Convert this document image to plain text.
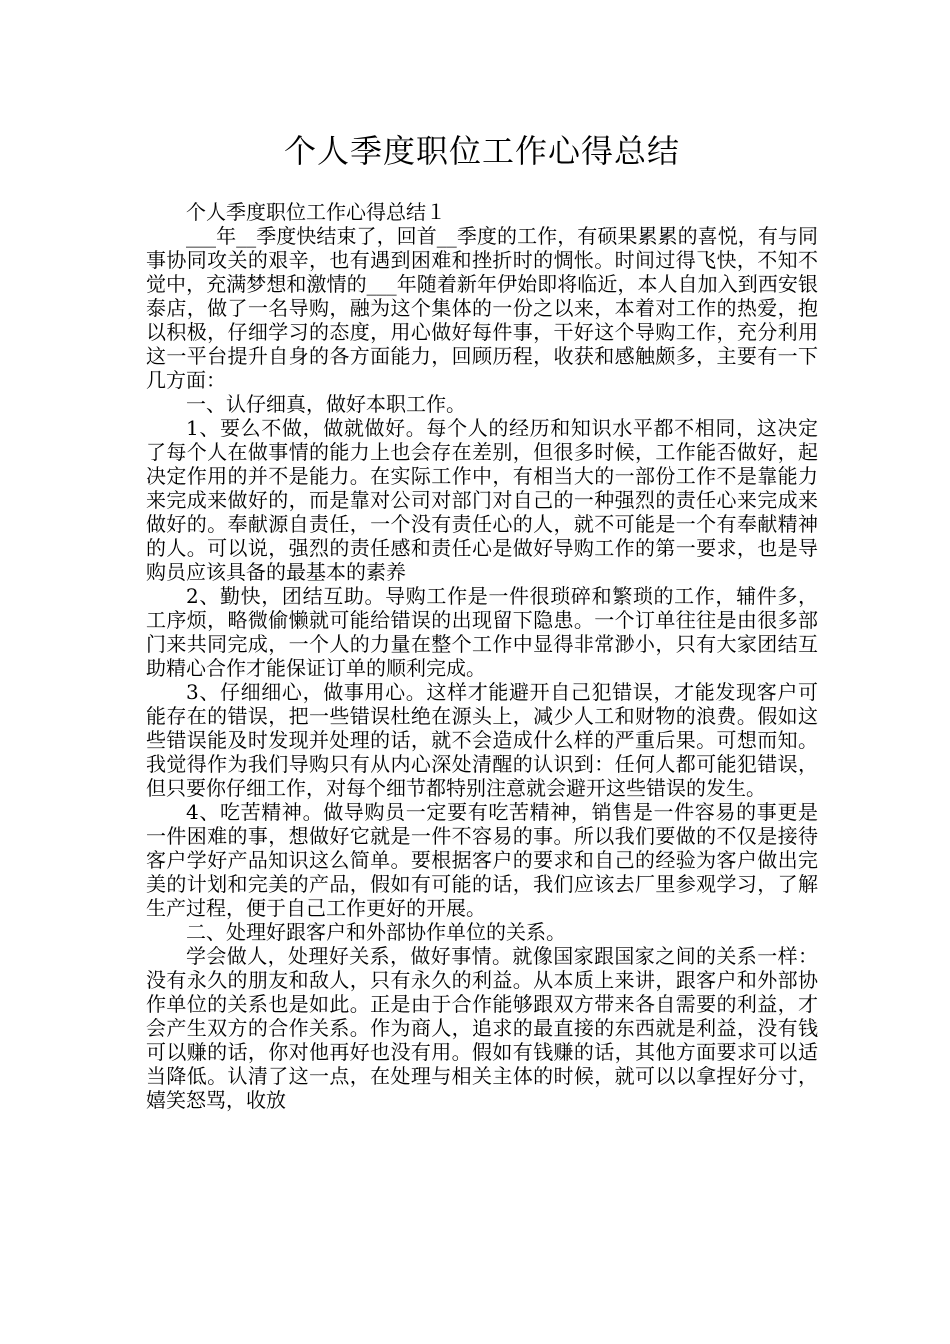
个人季度职位工作心得总结

个人季度职位工作心得总结１

___年__季度快结束了，回首__季度的工作，有硕果累累的喜悦，有与同事协同攻关的艰辛，也有遇到困难和挫折时的惆怅。时间过得飞快，不知不觉中，充满梦想和激情的___年随着新年伊始即将临近，本人自加入到西安银泰店，做了一名导购，融为这个集体的一份之以来，本着对工作的热爱，抱以积极，仔细学习的态度，用心做好每件事，干好这个导购工作，充分利用这一平台提升自身的各方面能力，回顾历程，收获和感触颇多，主要有一下几方面：

一、认仔细真，做好本职工作。

1、要么不做，做就做好。每个人的经历和知识水平都不相同，这决定了每个人在做事情的能力上也会存在差别，但很多时候，工作能否做好，起决定作用的并不是能力。在实际工作中，有相当大的一部份工作不是靠能力来完成来做好的，而是靠对公司对部门对自己的一种强烈的责任心来完成来做好的。奉献源自责任，一个没有责任心的人，就不可能是一个有奉献精神的人。可以说，强烈的责任感和责任心是做好导购工作的第一要求，也是导购员应该具备的最基本的素养

2、勤快，团结互助。导购工作是一件很琐碎和繁琐的工作，辅件多，工序烦，略微偷懒就可能给错误的出现留下隐患。一个订单往往是由很多部门来共同完成，一个人的力量在整个工作中显得非常渺小，只有大家团结互助精心合作才能保证订单的顺利完成。

3、仔细细心，做事用心。这样才能避开自己犯错误，才能发现客户可能存在的错误，把一些错误杜绝在源头上，减少人工和财物的浪费。假如这些错误能及时发现并处理的话，就不会造成什么样的严重后果。可想而知。我觉得作为我们导购只有从内心深处清醒的认识到：任何人都可能犯错误，但只要你仔细工作，对每个细节都特别注意就会避开这些错误的发生。

4、吃苦精神。做导购员一定要有吃苦精神，销售是一件容易的事更是一件困难的事，想做好它就是一件不容易的事。所以我们要做的不仅是接待客户学好产品知识这么简单。要根据客户的要求和自己的经验为客户做出完美的计划和完美的产品，假如有可能的话，我们应该去厂里参观学习，了解生产过程，便于自己工作更好的开展。

二、处理好跟客户和外部协作单位的关系。

学会做人，处理好关系，做好事情。就像国家跟国家之间的关系一样：没有永久的朋友和敌人，只有永久的利益。从本质上来讲，跟客户和外部协作单位的关系也是如此。正是由于合作能够跟双方带来各自需要的利益，才会产生双方的合作关系。作为商人，追求的最直接的东西就是利益，没有钱可以赚的话，你对他再好也没有用。假如有钱赚的话，其他方面要求可以适当降低。认清了这一点，在处理与相关主体的时候，就可以以拿捏好分寸，嬉笑怒骂，收放
